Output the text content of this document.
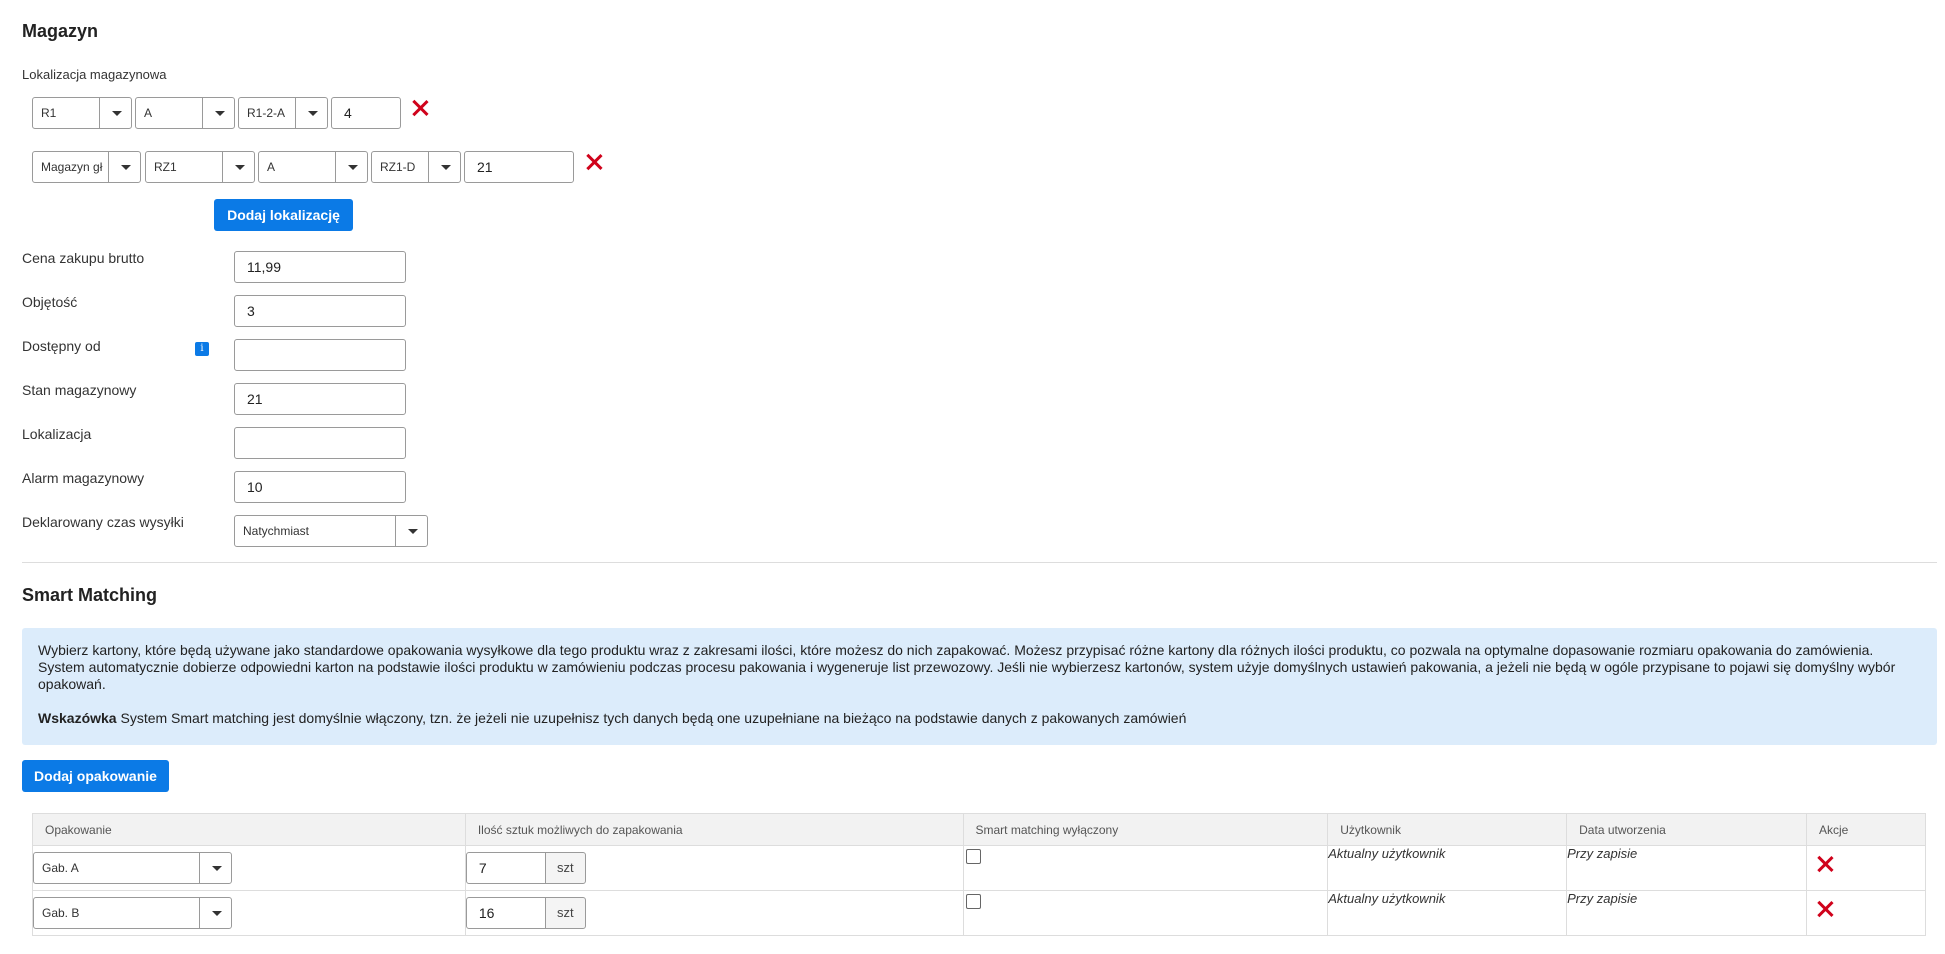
Magazyn
Lokalizacja magazynowa
R1	A	R1-2-A	4
Magazyn gł	RZ1	A	RZ1-D	21
Dodaj lokalizację
Cena zakupu brutto
11,99
Objętość
3
Dostępny od	i
Stan magazynowy
21
Lokalizacja
Alarm magazynowy
10
Deklarowany czas wysyłki
Natychmiast
Smart Matching

Wybierz kartony, które będą używane jako standardowe opakowania wysyłkowe dla tego produktu wraz z zakresami ilości, które możesz do nich zapakować. Możesz przypisać różne kartony dla różnych ilości produktu, co pozwala na optymalne dopasowanie rozmiaru opakowania do zamówienia. System automatycznie dobierze odpowiedni karton na podstawie ilości produktu w zamówieniu podczas procesu pakowania i wygeneruje list przewozowy. Jeśli nie wybierzesz kartonów, system użyje domyślnych ustawień pakowania, a jeżeli nie będą w ogóle przypisane to pojawi się domyślny wybór opakowań.

Wskazówka System Smart matching jest domyślnie włączony, tzn. że jeżeli nie uzupełnisz tych danych będą one uzupełniane na bieżąco na podstawie danych z pakowanych zamówień

Dodaj opakowanie
Opakowanie	Ilość sztuk możliwych do zapakowania	Smart matching wyłączony	Użytkownik	Data utworzenia	Akcje

Gab. A	7 szt		Aktualny użytkownik	Przy zapisie	

Gab. B	16 szt		Aktualny użytkownik	Przy zapisie	
